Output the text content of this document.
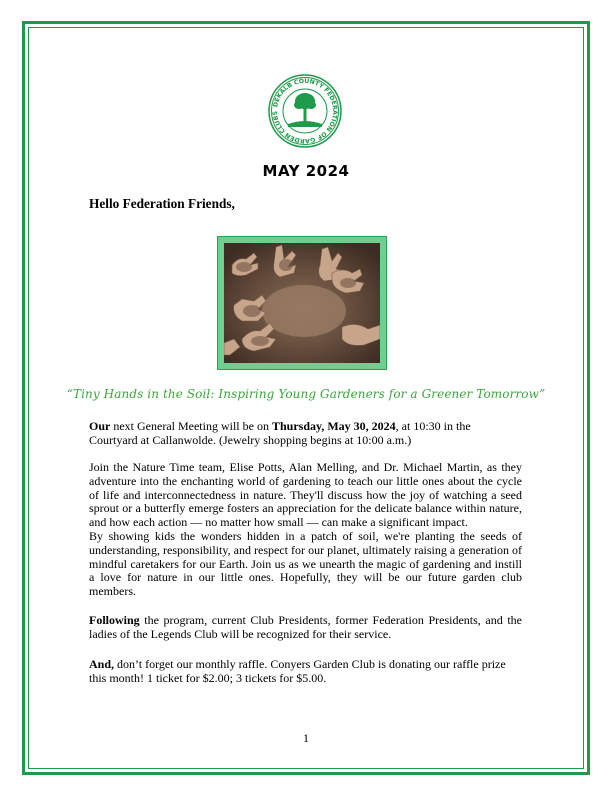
DEKALB COUNTY FEDERATION OF GARDEN CLUBS
MAY 2024
Hello Federation Friends,
“Tiny Hands in the Soil: Inspiring Young Gardeners for a Greener Tomorrow”
Our next General Meeting will be on Thursday, May 30, 2024, at 10:30 in the Courtyard at Callanwolde. (Jewelry shopping begins at 10:00 a.m.)
Join the Nature Time team, Elise Potts, Alan Melling, and Dr. Michael Martin, as they adventure into the enchanting world of gardening to teach our little ones about the cycle of life and interconnectedness in nature. They'll discuss how the joy of watching a seed sprout or a butterfly emerge fosters an appreciation for the delicate balance within nature, and how each action — no matter how small — can make a significant impact.
By showing kids the wonders hidden in a patch of soil, we're planting the seeds of understanding, responsibility, and respect for our planet, ultimately raising a generation of mindful caretakers for our Earth. Join us as we unearth the magic of gardening and instill a love for nature in our little ones. Hopefully, they will be our future garden club members.
Following the program, current Club Presidents, former Federation Presidents, and the ladies of the Legends Club will be recognized for their service.
And, don’t forget our monthly raffle. Conyers Garden Club is donating our raffle prize this month! 1 ticket for $2.00; 3 tickets for $5.00.
1
